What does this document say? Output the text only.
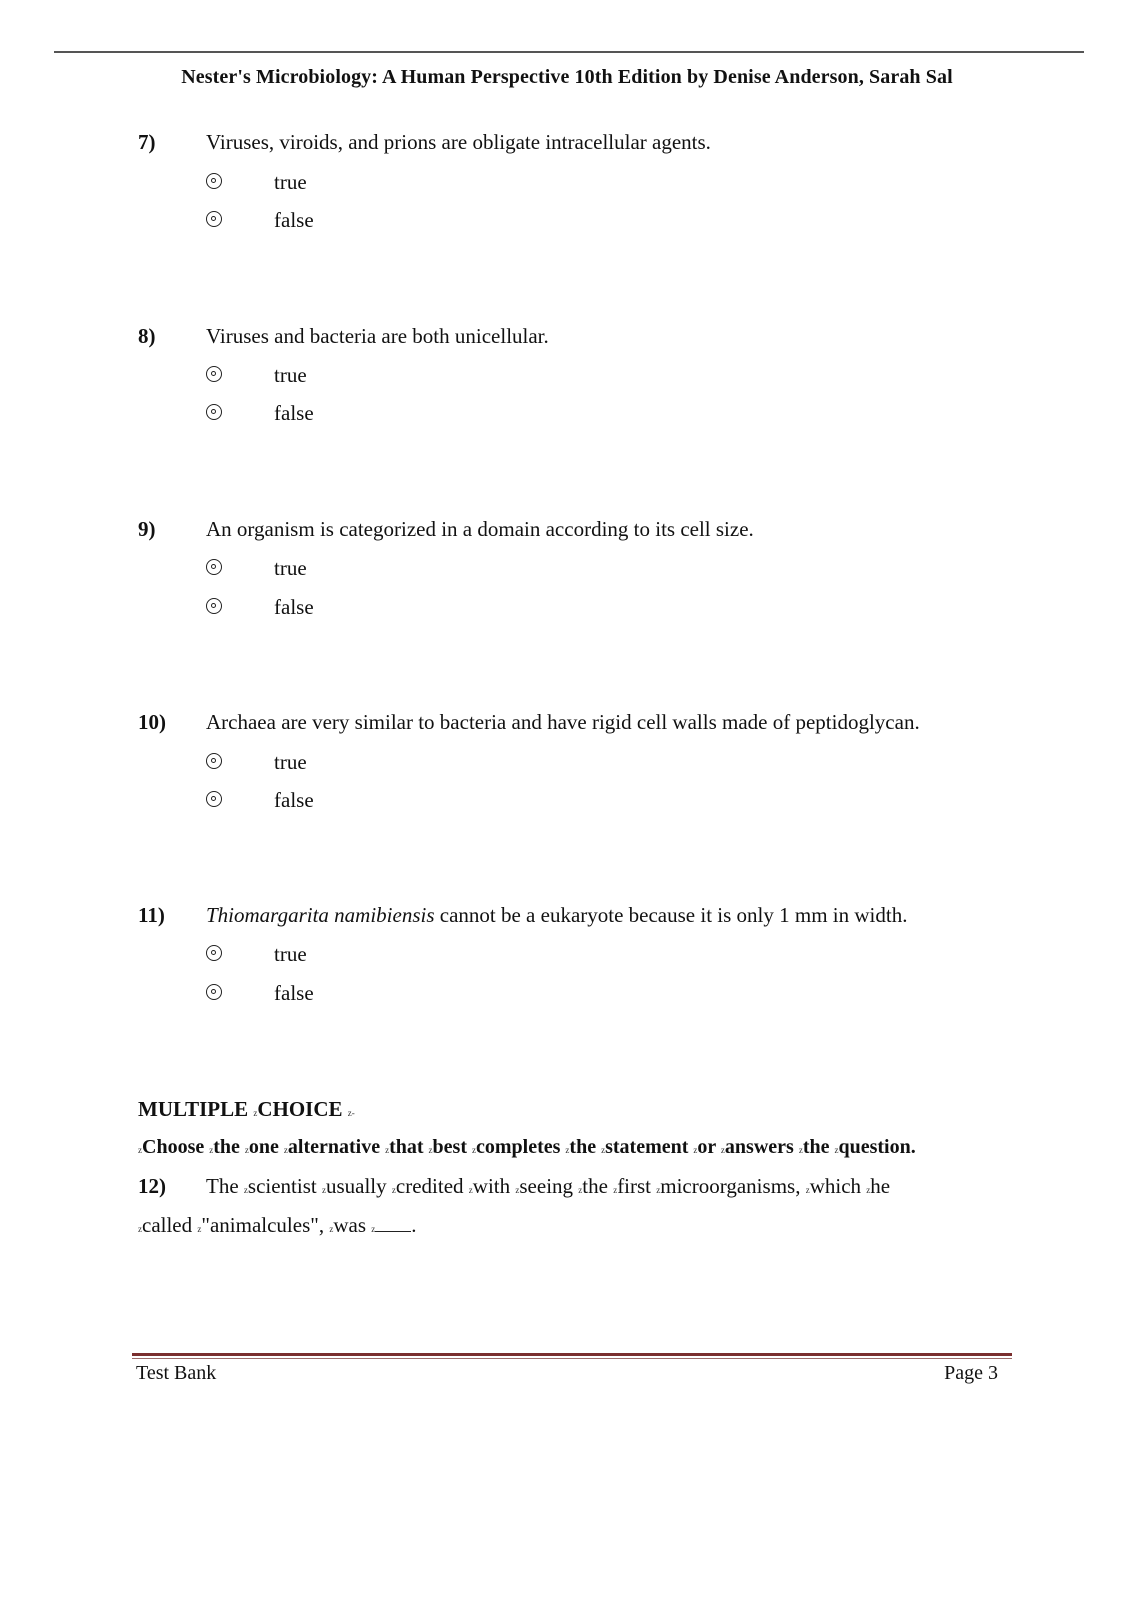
Nester's Microbiology: A Human Perspective 10th Edition by Denise Anderson, Sarah Sal
7) Viruses, viroids, and prions are obligate intracellular agents.
true
false
8) Viruses and bacteria are both unicellular.
true
false
9) An organism is categorized in a domain according to its cell size.
true
false
10) Archaea are very similar to bacteria and have rigid cell walls made of peptidoglycan.
true
false
11) Thiomargarita namibiensis cannot be a eukaryote because it is only 1 mm in width.
true
false
MULTIPLE zCHOICE z-
zChoose zthe zone zalternative zthat zbest zcompletes zthe zstatement zor zanswers zthe zquestion.
12) The zscientist zusually zcredited zwith zseeing zthe zfirst zmicroorganisms, zwhich zhe
zcalled z"animalcules", zwas z .
Test Bank	Page 3
